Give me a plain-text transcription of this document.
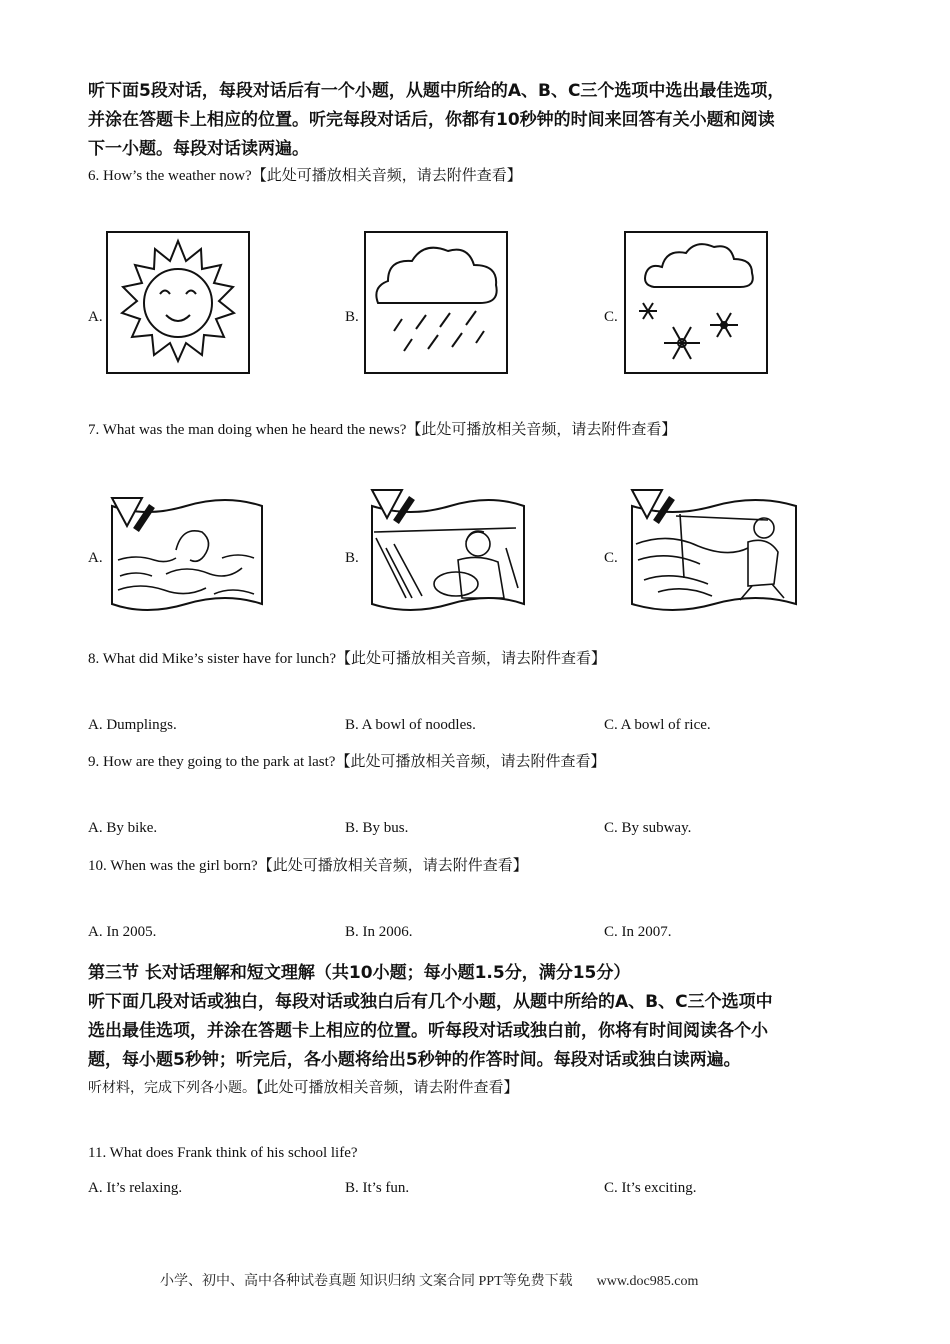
听下面5段对话，每段对话后有一个小题，从题中所给的A、B、C三个选项中选出最佳选项，
并涂在答题卡上相应的位置。听完每段对话后，你都有10秒钟的时间来回答有关小题和阅读
下一小题。每段对话读两遍。
6. How’s the weather now?【此处可播放相关音频，请去附件查看】
A.	B.	C.
7. What was the man doing when he heard the news?【此处可播放相关音频，请去附件查看】
A.	B.	C.
8. What did Mike’s sister have for lunch?【此处可播放相关音频，请去附件查看】
A. Dumplings.	B. A bowl of noodles.	C. A bowl of rice.
9. How are they going to the park at last?【此处可播放相关音频，请去附件查看】
A. By bike.	B. By bus.	C. By subway.
10. When was the girl born?【此处可播放相关音频，请去附件查看】
A. In 2005.	B. In 2006.	C. In 2007.
第三节 长对话理解和短文理解（共10小题；每小题1.5分，满分15分）
听下面几段对话或独白，每段对话或独白后有几个小题，从题中所给的A、B、C三个选项中
选出最佳选项，并涂在答题卡上相应的位置。听每段对话或独白前，你将有时间阅读各个小
题，每小题5秒钟；听完后，各小题将给出5秒钟的作答时间。每段对话或独白读两遍。
听材料，完成下列各小题。【此处可播放相关音频，请去附件查看】
11. What does Frank think of his school life?
A. It’s relaxing.	B. It’s fun.	C. It’s exciting.
小学、初中、高中各种试卷真题 知识归纳 文案合同 PPT等免费下载 www.doc985.com
